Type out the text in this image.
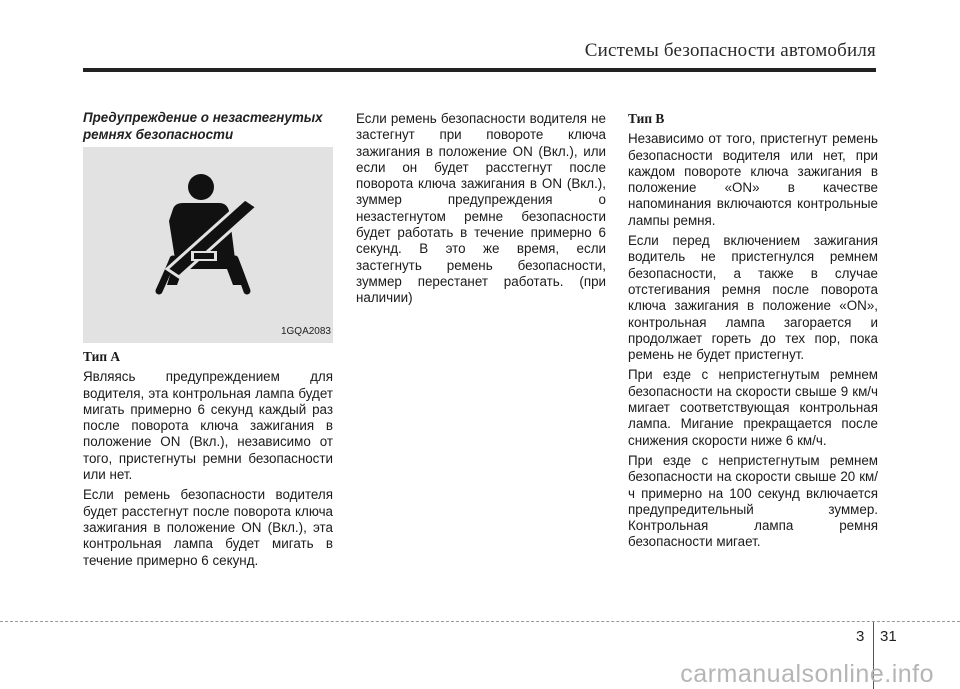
Системы безопасности автомобиля

Предупреждение о незастегнутых ремнях безопасности

1GQA2083

Тип A

Являясь предупреждением для водителя, эта контрольная лампа будет мигать примерно 6 секунд каждый раз после поворота ключа зажигания в положение ON (Вкл.), независимо от того, пристегнуты ремни безопасности или нет.

Если ремень безопасности водителя будет расстегнут после поворота ключа зажигания в положение ON (Вкл.), эта контрольная лампа будет мигать в течение примерно 6 секунд.

Если ремень безопасности водителя не застегнут при повороте ключа зажигания в положение ON (Вкл.), или если он будет расстегнут после поворота ключа зажигания в ON (Вкл.), зуммер предупреждения о незастегнутом ремне безопасности будет работать в течение примерно 6 секунд. В это же время, если застегнуть ремень безопасности, зуммер перестанет работать. (при наличии)

Тип B

Независимо от того, пристегнут ремень безопасности водителя или нет, при каждом повороте ключа зажигания в положение «ON» в качестве напоминания включаются контрольные лампы ремня.

Если перед включением зажигания водитель не пристегнулся ремнем безопасности, а также в случае отстегивания ремня после поворота ключа зажигания в положение «ON», контрольная лампа загорается и продолжает гореть до тех пор, пока ремень не будет пристегнут.

При езде с непристегнутым ремнем безопасности на скорости свыше 9 км/ч мигает соответствующая контрольная лампа. Мигание прекращается после снижения скорости ниже 6 км/ч.

При езде с непристегнутым ремнем безопасности на скорости свыше 20 км/ч примерно на 100 секунд включается предупредительный зуммер. Контрольная лампа ремня безопасности мигает.

3 31
carmanualsonline.info
